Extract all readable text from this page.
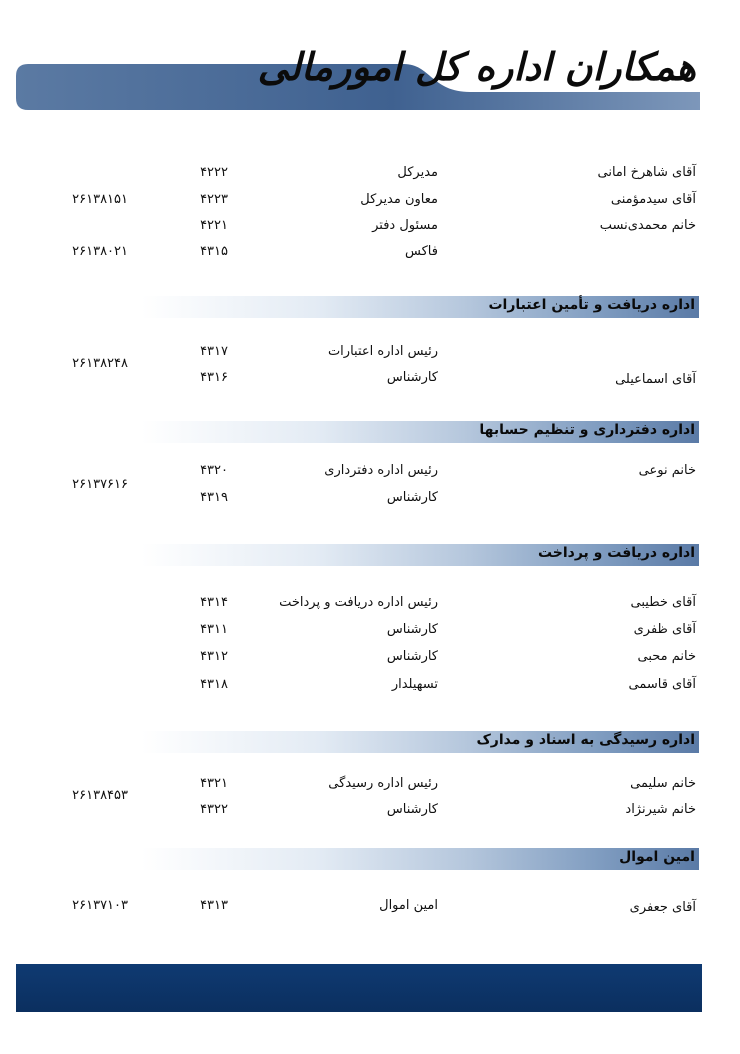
همکاران اداره کل امورمالی
آقای شاهرخ امانی
مدیرکل
۴۲۲۲
آقای سیدمؤمنی
معاون مدیرکل
۴۲۲۳
۲۶۱۳۸۱۵۱
خانم محمدی‌نسب
مسئول دفتر
۴۲۲۱
فاکس
۴۳۱۵
۲۶۱۳۸۰۲۱
اداره دریافت و تأمین اعتبارات
رئیس اداره اعتبارات
۴۳۱۷
۲۶۱۳۸۲۴۸
آقای اسماعیلی
کارشناس
۴۳۱۶
اداره دفترداری و تنظیم حسابها
خانم نوعی
رئیس اداره دفترداری
۴۳۲۰
۲۶۱۳۷۶۱۶
کارشناس
۴۳۱۹
اداره دریافت و پرداخت
آقای خطیبی
رئیس اداره دریافت و پرداخت
۴۳۱۴
آقای ظفری
کارشناس
۴۳۱۱
خانم محبی
کارشناس
۴۳۱۲
آقای قاسمی
تسهیلدار
۴۳۱۸
اداره رسیدگی به اسناد و مدارک
خانم سلیمی
رئیس اداره رسیدگی
۴۳۲۱
۲۶۱۳۸۴۵۳
خانم شیرنژاد
کارشناس
۴۳۲۲
امین اموال
آقای جعفری
امین اموال
۴۳۱۳
۲۶۱۳۷۱۰۳
